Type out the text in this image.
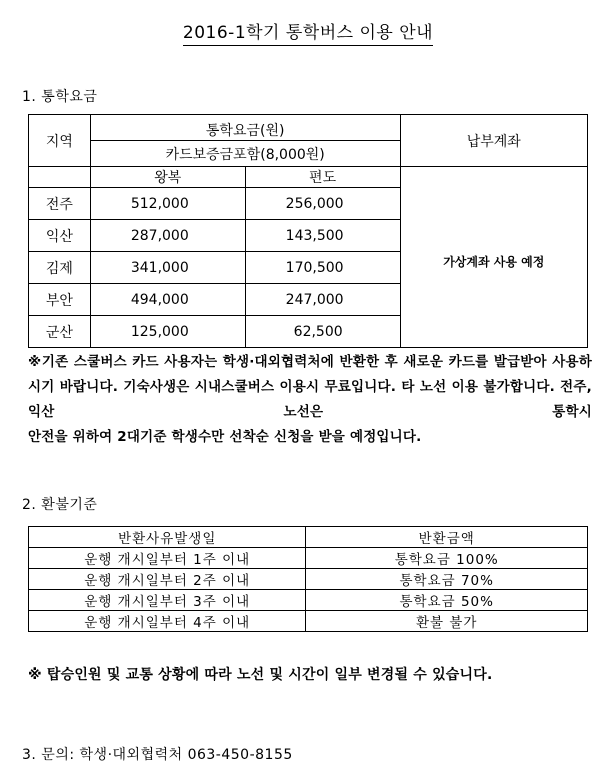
2016-1학기 통학버스 이용 안내
1. 통학요금
지역	통학요금(원)		납부계좌
	카드보증금포함(8,000원)		
	왕복	편도	가상계좌 사용 예정
전주	512,000	256,000	
익산	287,000	143,500	
김제	341,000	170,500	
부안	494,000	247,000	
군산	125,000	62,500	
※기존 스쿨버스 카드 사용자는 학생·대외협력처에 반환한 후 새로운 카드를 발급받아 사용하시기 바랍니다. 기숙사생은 시내스쿨버스 이용시 무료입니다. 타 노선 이용 불가합니다. 전주, 익산 노선은 통학시
안전을 위하여 2대기준 학생수만 선착순 신청을 받을 예정입니다.
2. 환불기준
반환사유발생일	반환금액
운행 개시일부터 1주 이내	통학요금 100%
운행 개시일부터 2주 이내	통학요금 70%
운행 개시일부터 3주 이내	통학요금 50%
운행 개시일부터 4주 이내	환불 불가
※ 탑승인원 및 교통 상황에 따라 노선 및 시간이 일부 변경될 수 있습니다.
3. 문의: 학생·대외협력처 063-450-8155
